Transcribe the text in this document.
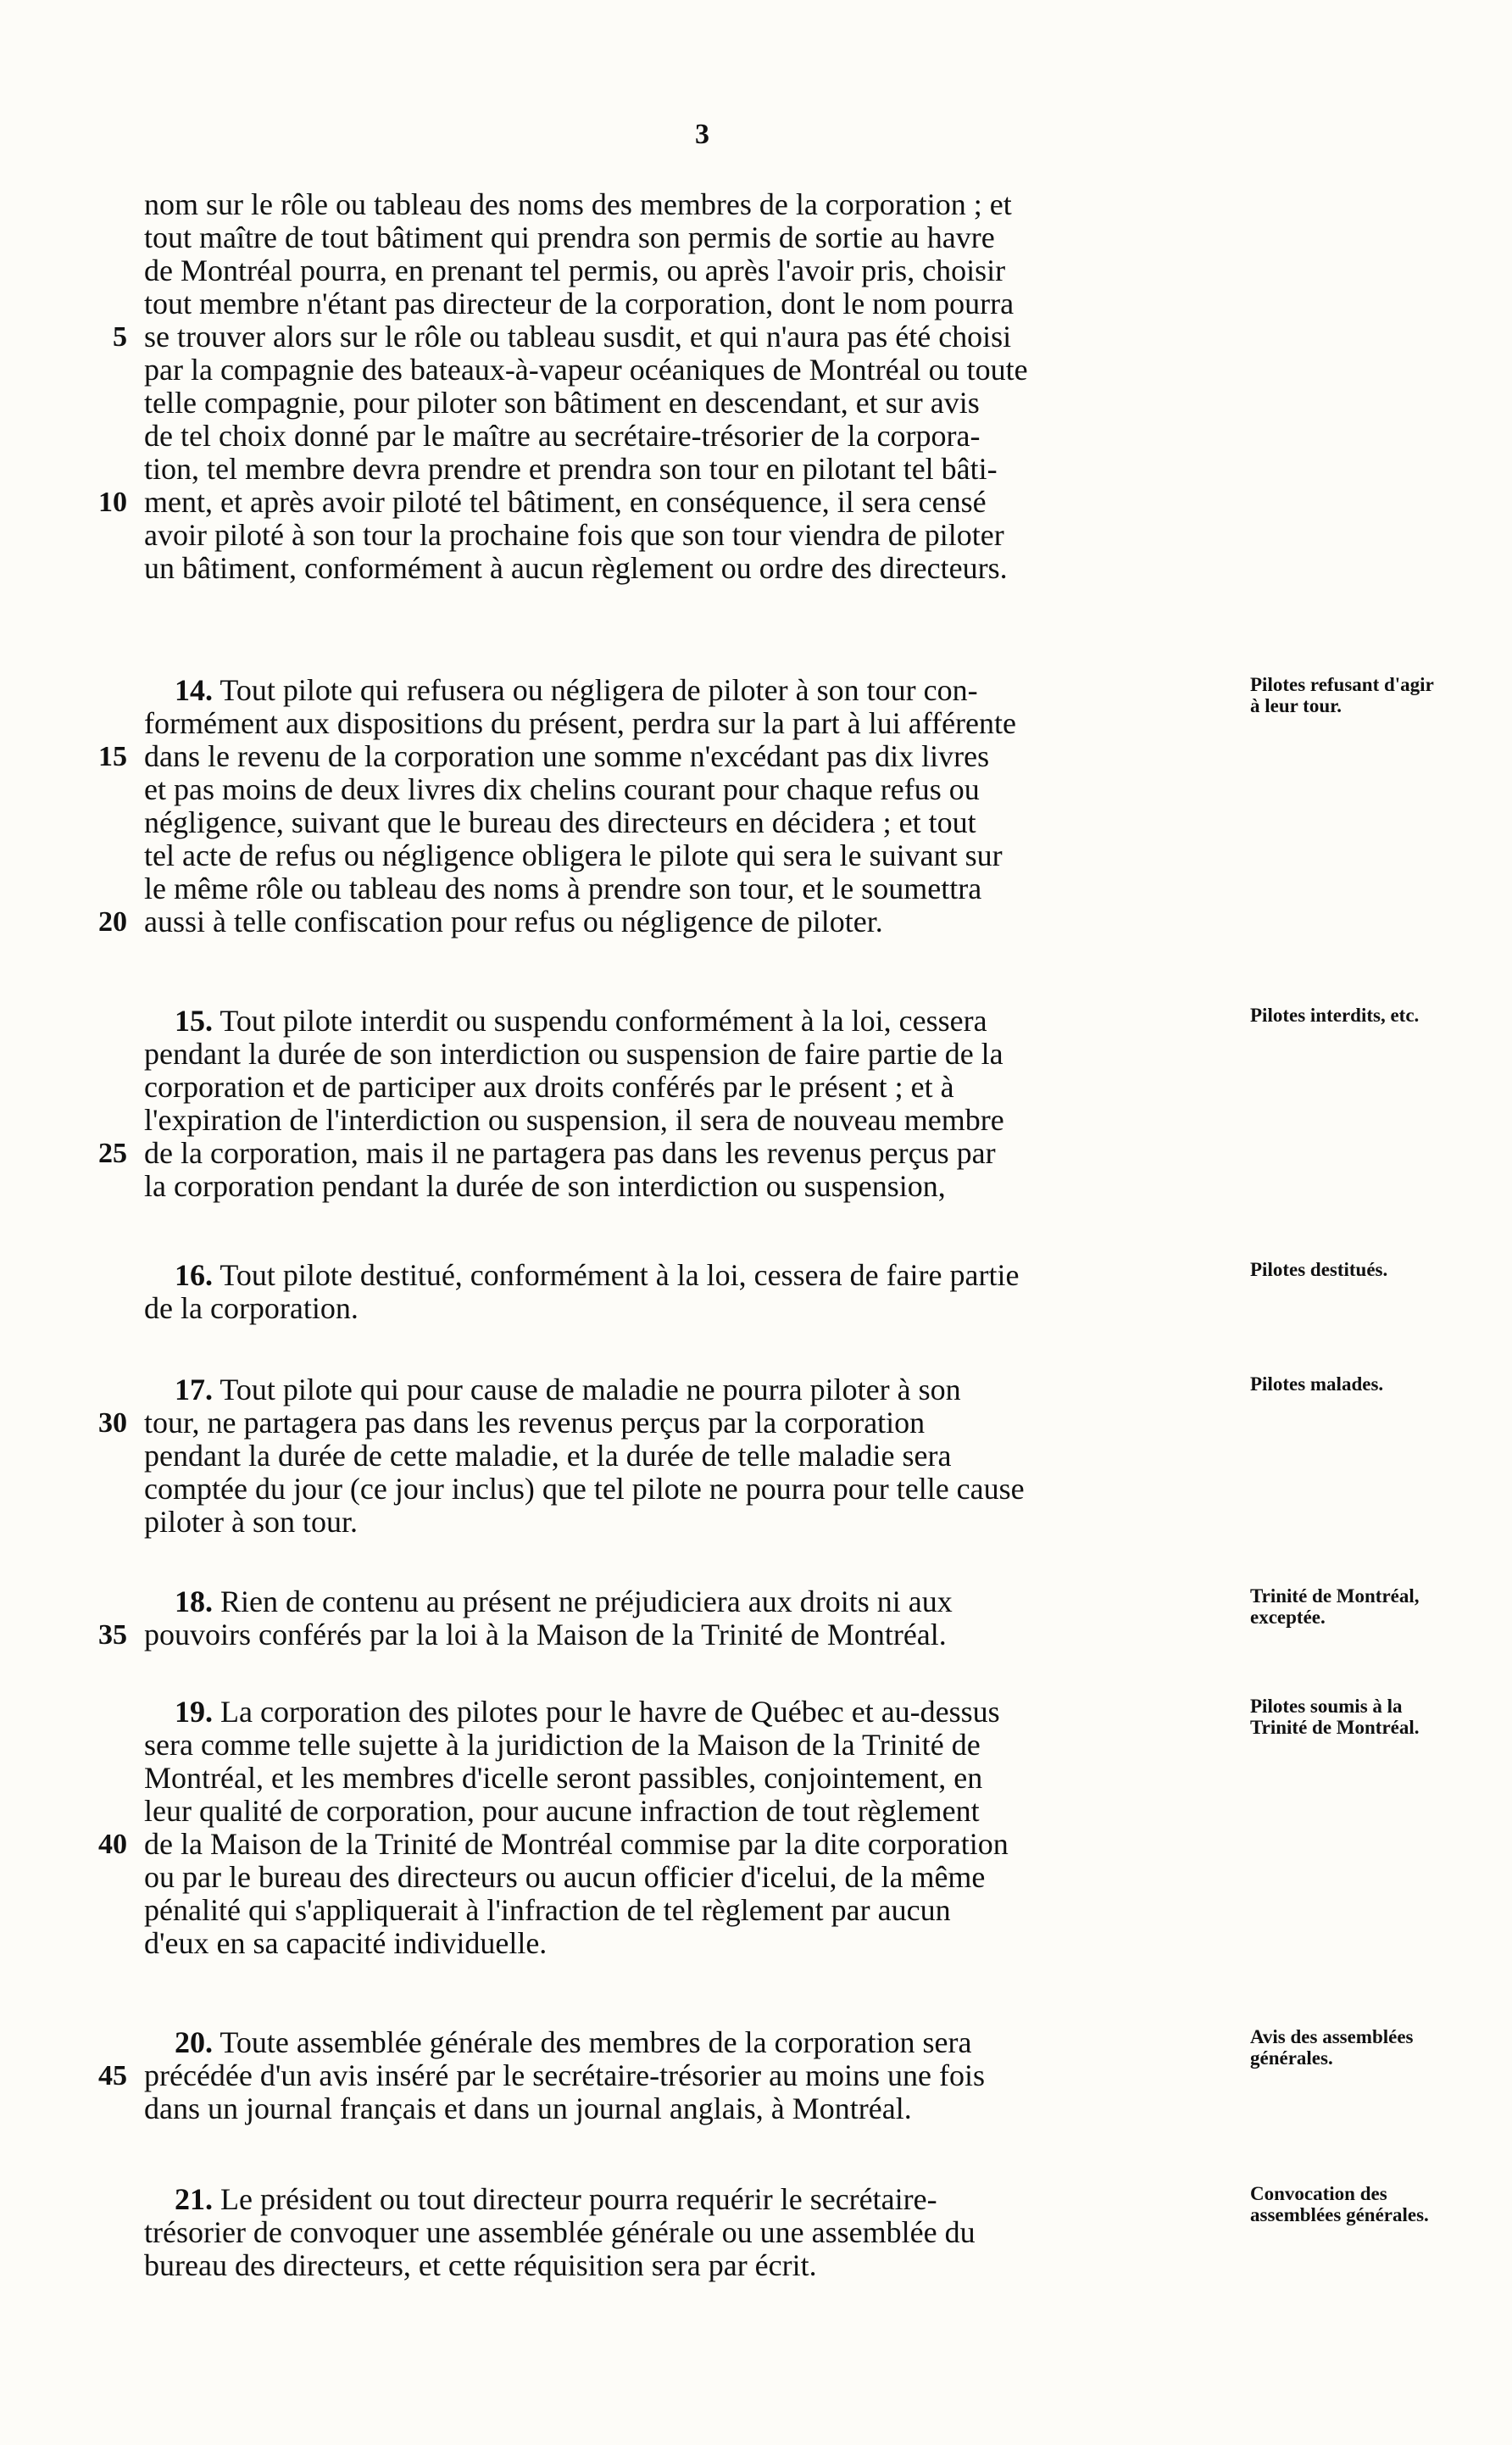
3

nom sur le rôle ou tableau des noms des membres de la corporation ; et
tout maître de tout bâtiment qui prendra son permis de sortie au havre
de Montréal pourra, en prenant tel permis, ou après l'avoir pris, choisir
tout membre n'étant pas directeur de la corporation, dont le nom pourra
5 se trouver alors sur le rôle ou tableau susdit, et qui n'aura pas été choisi
par la compagnie des bateaux-à-vapeur océaniques de Montréal ou toute
telle compagnie, pour piloter son bâtiment en descendant, et sur avis
de tel choix donné par le maître au secrétaire-trésorier de la corpora-
tion, tel membre devra prendre et prendra son tour en pilotant tel bâti-
10 ment, et après avoir piloté tel bâtiment, en conséquence, il sera censé
avoir piloté à son tour la prochaine fois que son tour viendra de piloter
un bâtiment, conformément à aucun règlement ou ordre des directeurs.

Pilotes refusant d'agir à leur tour.

14. Tout pilote qui refusera ou négligera de piloter à son tour con-
formément aux dispositions du présent, perdra sur la part à lui afférente
15 dans le revenu de la corporation une somme n'excédant pas dix livres
et pas moins de deux livres dix chelins courant pour chaque refus ou
négligence, suivant que le bureau des directeurs en décidera ; et tout
tel acte de refus ou négligence obligera le pilote qui sera le suivant sur
le même rôle ou tableau des noms à prendre son tour, et le soumettra
20 aussi à telle confiscation pour refus ou négligence de piloter.

Pilotes interdits, etc.

15. Tout pilote interdit ou suspendu conformément à la loi, cessera
pendant la durée de son interdiction ou suspension de faire partie de la
corporation et de participer aux droits conférés par le présent ; et à
l'expiration de l'interdiction ou suspension, il sera de nouveau membre
25 de la corporation, mais il ne partagera pas dans les revenus perçus par
la corporation pendant la durée de son interdiction ou suspension,

Pilotes destitués.

16. Tout pilote destitué, conformément à la loi, cessera de faire partie
de la corporation.

Pilotes malades.

17. Tout pilote qui pour cause de maladie ne pourra piloter à son
30 tour, ne partagera pas dans les revenus perçus par la corporation
pendant la durée de cette maladie, et la durée de telle maladie sera
comptée du jour (ce jour inclus) que tel pilote ne pourra pour telle cause
piloter à son tour.

Trinité de Montréal, exceptée.

18. Rien de contenu au présent ne préjudiciera aux droits ni aux
35 pouvoirs conférés par la loi à la Maison de la Trinité de Montréal.

Pilotes soumis à la Trinité de Montréal.

19. La corporation des pilotes pour le havre de Québec et au-dessus
sera comme telle sujette à la juridiction de la Maison de la Trinité de
Montréal, et les membres d'icelle seront passibles, conjointement, en
leur qualité de corporation, pour aucune infraction de tout règlement
40 de la Maison de la Trinité de Montréal commise par la dite corporation
ou par le bureau des directeurs ou aucun officier d'icelui, de la même
pénalité qui s'appliquerait à l'infraction de tel règlement par aucun
d'eux en sa capacité individuelle.

Avis des assemblées générales.

20. Toute assemblée générale des membres de la corporation sera
45 précédée d'un avis inséré par le secrétaire-trésorier au moins une fois
dans un journal français et dans un journal anglais, à Montréal.

Convocation des assemblées générales.

21. Le président ou tout directeur pourra requérir le secrétaire-
trésorier de convoquer une assemblée générale ou une assemblée du
bureau des directeurs, et cette réquisition sera par écrit.
